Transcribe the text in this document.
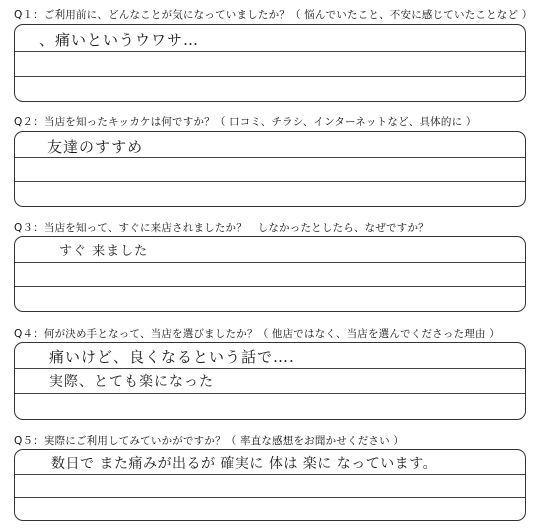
Q１：ご利用前に、どんなことが気になっていましたか？（ 悩んでいたこと、不安に感じていたことなど ）
、痛いというウワサ…
Q２：当店を知ったキッカケは何ですか？（ 口コミ、チラシ、インターネットなど、具体的に ）
友達のすすめ
Q３：当店を知って、すぐに来店されましたか？　しなかったとしたら、なぜですか？
すぐ 来ました
Q４：何が決め手となって、当店を選びましたか？（ 他店ではなく、当店を選んでくださった理由 ）
痛いけど、良くなるという話で….
実際、とても楽になった
Q５：実際にご利用してみていかがですか？（ 率直な感想をお聞かせください ）
数日で また痛みが出るが 確実に 体は 楽に なっています。
